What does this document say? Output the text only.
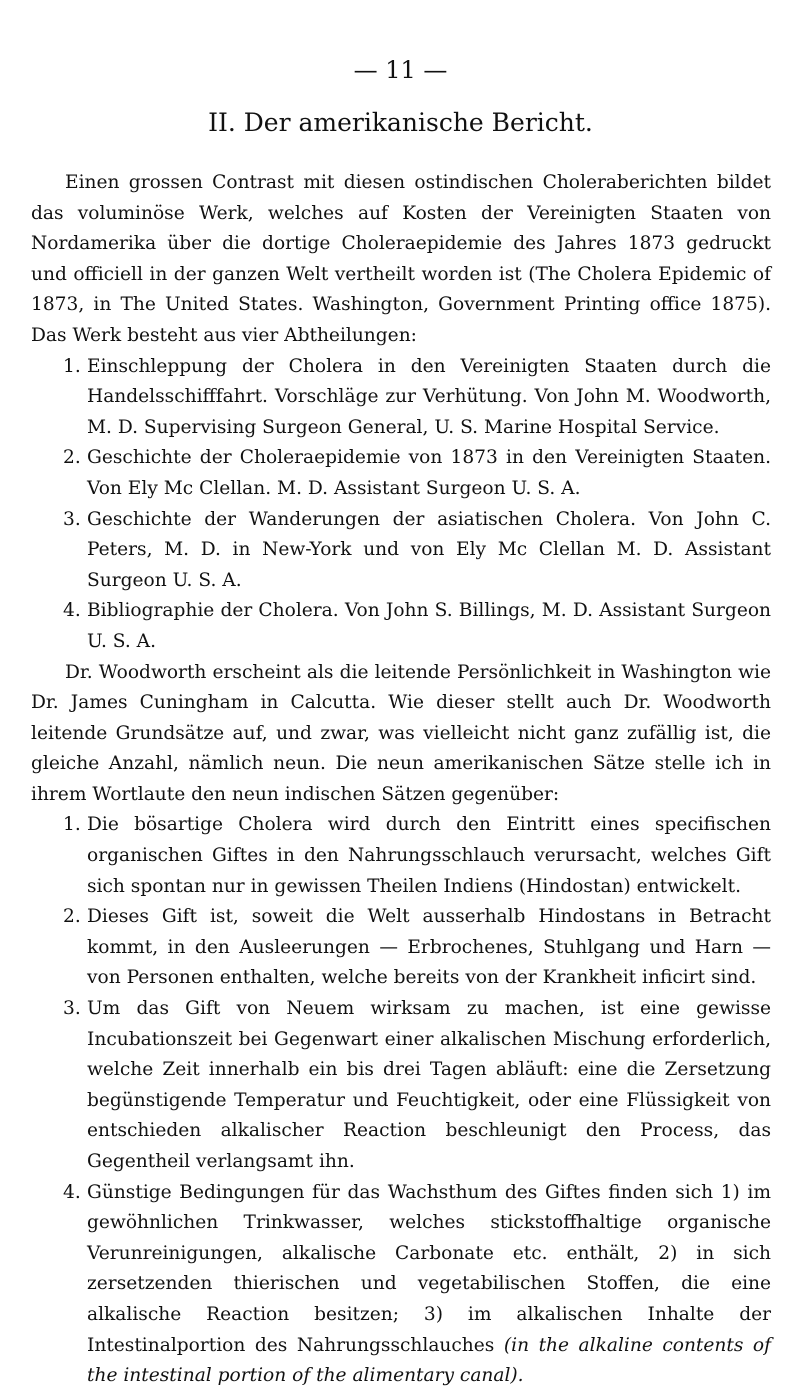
— 11 —
II. Der amerikanische Bericht.

Einen grossen Contrast mit diesen ostindischen Choleraberichten bildet das voluminöse Werk, welches auf Kosten der Vereinigten Staaten von Nordamerika über die dortige Choleraepidemie des Jahres 1873 gedruckt und officiell in der ganzen Welt vertheilt worden ist (The Cholera Epidemic of 1873, in The United States. Washington, Government Printing office 1875). Das Werk besteht aus vier Abtheilungen:

1. Einschleppung der Cholera in den Vereinigten Staaten durch die Handelsschifffahrt. Vorschläge zur Verhütung. Von John M. Woodworth, M. D. Supervising Surgeon General, U. S. Marine Hospital Service.
2. Geschichte der Choleraepidemie von 1873 in den Vereinigten Staaten. Von Ely Mc Clellan. M. D. Assistant Surgeon U. S. A.
3. Geschichte der Wanderungen der asiatischen Cholera. Von John C. Peters, M. D. in New-York und von Ely Mc Clellan M. D. Assistant Surgeon U. S. A.
4. Bibliographie der Cholera. Von John S. Billings, M. D. Assistant Surgeon U. S. A.

Dr. Woodworth erscheint als die leitende Persönlichkeit in Washington wie Dr. James Cuningham in Calcutta. Wie dieser stellt auch Dr. Woodworth leitende Grundsätze auf, und zwar, was vielleicht nicht ganz zufällig ist, die gleiche Anzahl, nämlich neun. Die neun amerikanischen Sätze stelle ich in ihrem Wortlaute den neun indischen Sätzen gegenüber:

1. Die bösartige Cholera wird durch den Eintritt eines specifischen organischen Giftes in den Nahrungsschlauch verursacht, welches Gift sich spontan nur in gewissen Theilen Indiens (Hindostan) entwickelt.
2. Dieses Gift ist, soweit die Welt ausserhalb Hindostans in Betracht kommt, in den Ausleerungen — Erbrochenes, Stuhlgang und Harn — von Personen enthalten, welche bereits von der Krankheit inficirt sind.
3. Um das Gift von Neuem wirksam zu machen, ist eine gewisse Incubationszeit bei Gegenwart einer alkalischen Mischung erforderlich, welche Zeit innerhalb ein bis drei Tagen abläuft: eine die Zersetzung begünstigende Temperatur und Feuchtigkeit, oder eine Flüssigkeit von entschieden alkalischer Reaction beschleunigt den Process, das Gegentheil verlangsamt ihn.
4. Günstige Bedingungen für das Wachsthum des Giftes finden sich 1) im gewöhnlichen Trinkwasser, welches stickstoffhaltige organische Verunreinigungen, alkalische Carbonate etc. enthält, 2) in sich zersetzenden thierischen und vegetabilischen Stoffen, die eine alkalische Reaction besitzen; 3) im alkalischen Inhalte der Intestinalportion des Nahrungsschlauches (in the alkaline contents of the intestinal portion of the alimentary canal).
